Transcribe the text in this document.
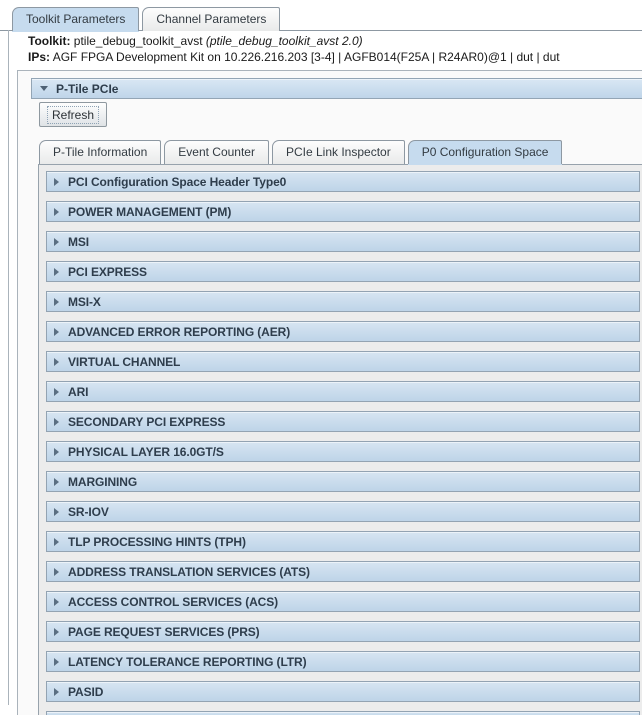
Toolkit Parameters	Channel Parameters
Toolkit: ptile_debug_toolkit_avst (ptile_debug_toolkit_avst 2.0)
IPs: AGF FPGA Development Kit on 10.226.216.203 [3-4] | AGFB014(F25A | R24AR0)@1 | dut | dut
P-Tile PCIe
Refresh
P-Tile Information	Event Counter	PCIe Link Inspector	P0 Configuration Space
PCI Configuration Space Header Type0
POWER MANAGEMENT (PM)
MSI
PCI EXPRESS
MSI-X
ADVANCED ERROR REPORTING (AER)
VIRTUAL CHANNEL
ARI
SECONDARY PCI EXPRESS
PHYSICAL LAYER 16.0GT/S
MARGINING
SR-IOV
TLP PROCESSING HINTS (TPH)
ADDRESS TRANSLATION SERVICES (ATS)
ACCESS CONTROL SERVICES (ACS)
PAGE REQUEST SERVICES (PRS)
LATENCY TOLERANCE REPORTING (LTR)
PASID
